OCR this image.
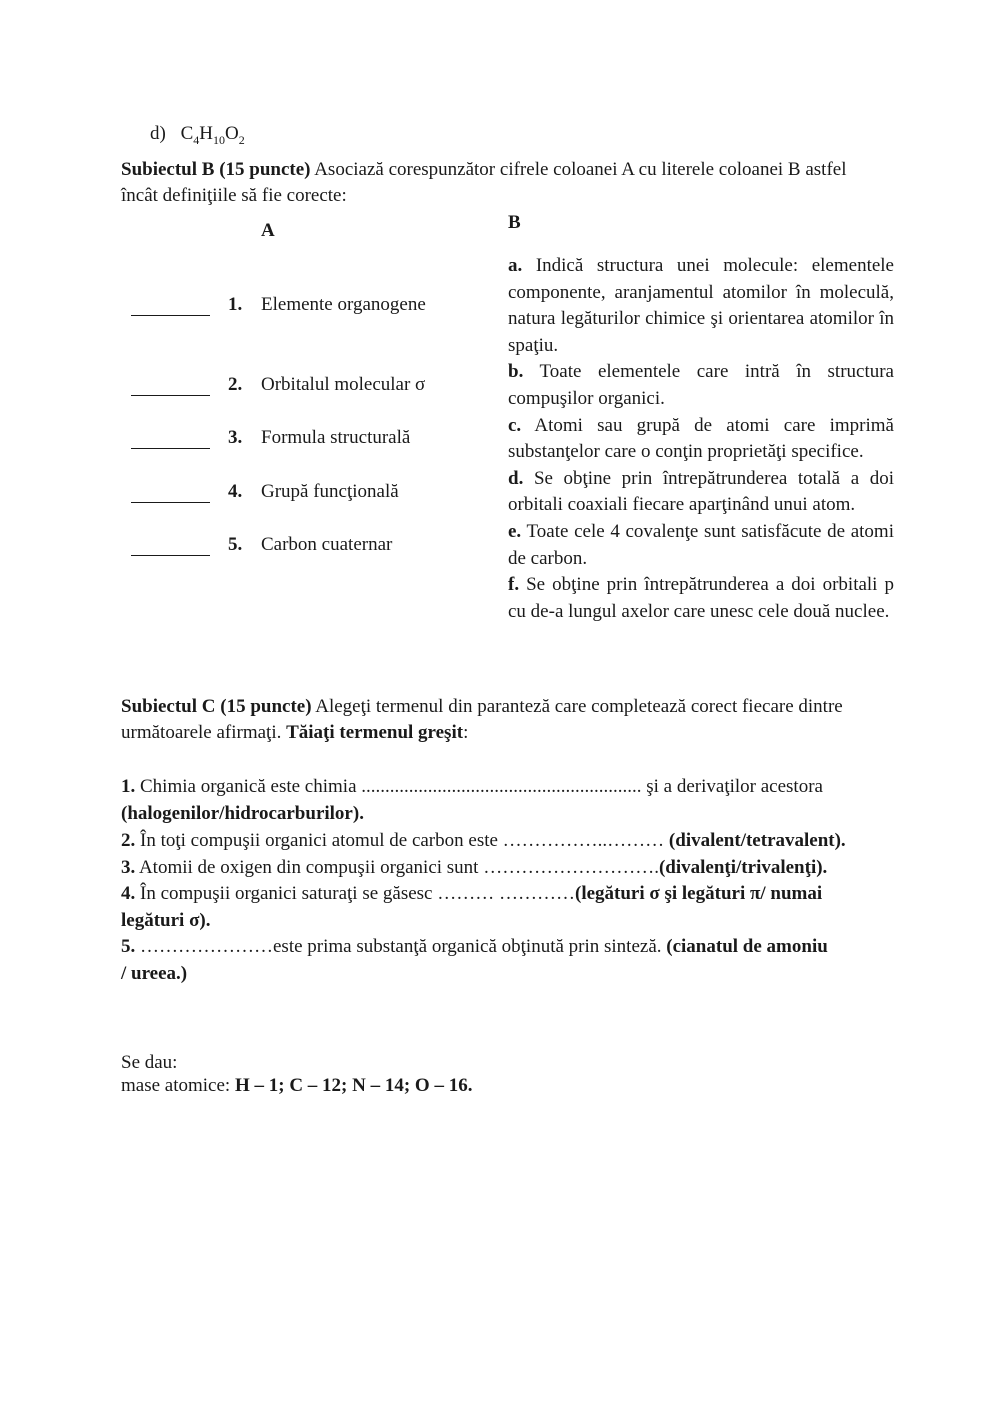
d) $C_4H_{10}O_2$
Subiectul B (15 puncte) Asociază corespunzător cifrele coloanei A cu literele coloanei B astfel
încât definiţiile să fie corecte:
A	B
1. Elemente organogene
2. Orbitalul molecular σ
3. Formula structurală
4. Grupă funcţională
5. Carbon cuaternar

a. Indică structura unei molecule: elementele componente, aranjamentul atomilor în moleculă, natura legăturilor chimice şi orientarea atomilor în spaţiu.

b. Toate elementele care intră în structura compuşilor organici.

c. Atomi sau grupă de atomi care imprimă substanţelor care o conţin proprietăţi specifice.

d. Se obţine prin întrepătrunderea totală a doi orbitali coaxiali fiecare aparţinând unui atom.

e. Toate cele 4 covalenţe sunt satisfăcute de atomi de carbon.

f. Se obţine prin întrepătrunderea a doi orbitali p cu de-a lungul axelor care unesc cele două nuclee.

Subiectul C (15 puncte) Alegeţi termenul din paranteză care completează corect fiecare dintre
următoarele afirmaţi. Tăiaţi termenul greşit:
1. Chimia organică este chimia ........................................................... şi a derivaţilor acestora
(halogenilor/hidrocarburilor).
2. În toţi compuşii organici atomul de carbon este ……………..……… (divalent/tetravalent).
3. Atomii de oxigen din compuşii organici sunt ……………………….(divalenţi/trivalenţi).
4. În compuşii organici saturaţi se găsesc ……… …………(legături σ şi legături π/ numai
legături σ).
5. …………………este prima substanţă organică obţinută prin sinteză. (cianatul de amoniu
/ ureea.)
Se dau:
mase atomice: H – 1; C – 12; N – 14; O – 16.
